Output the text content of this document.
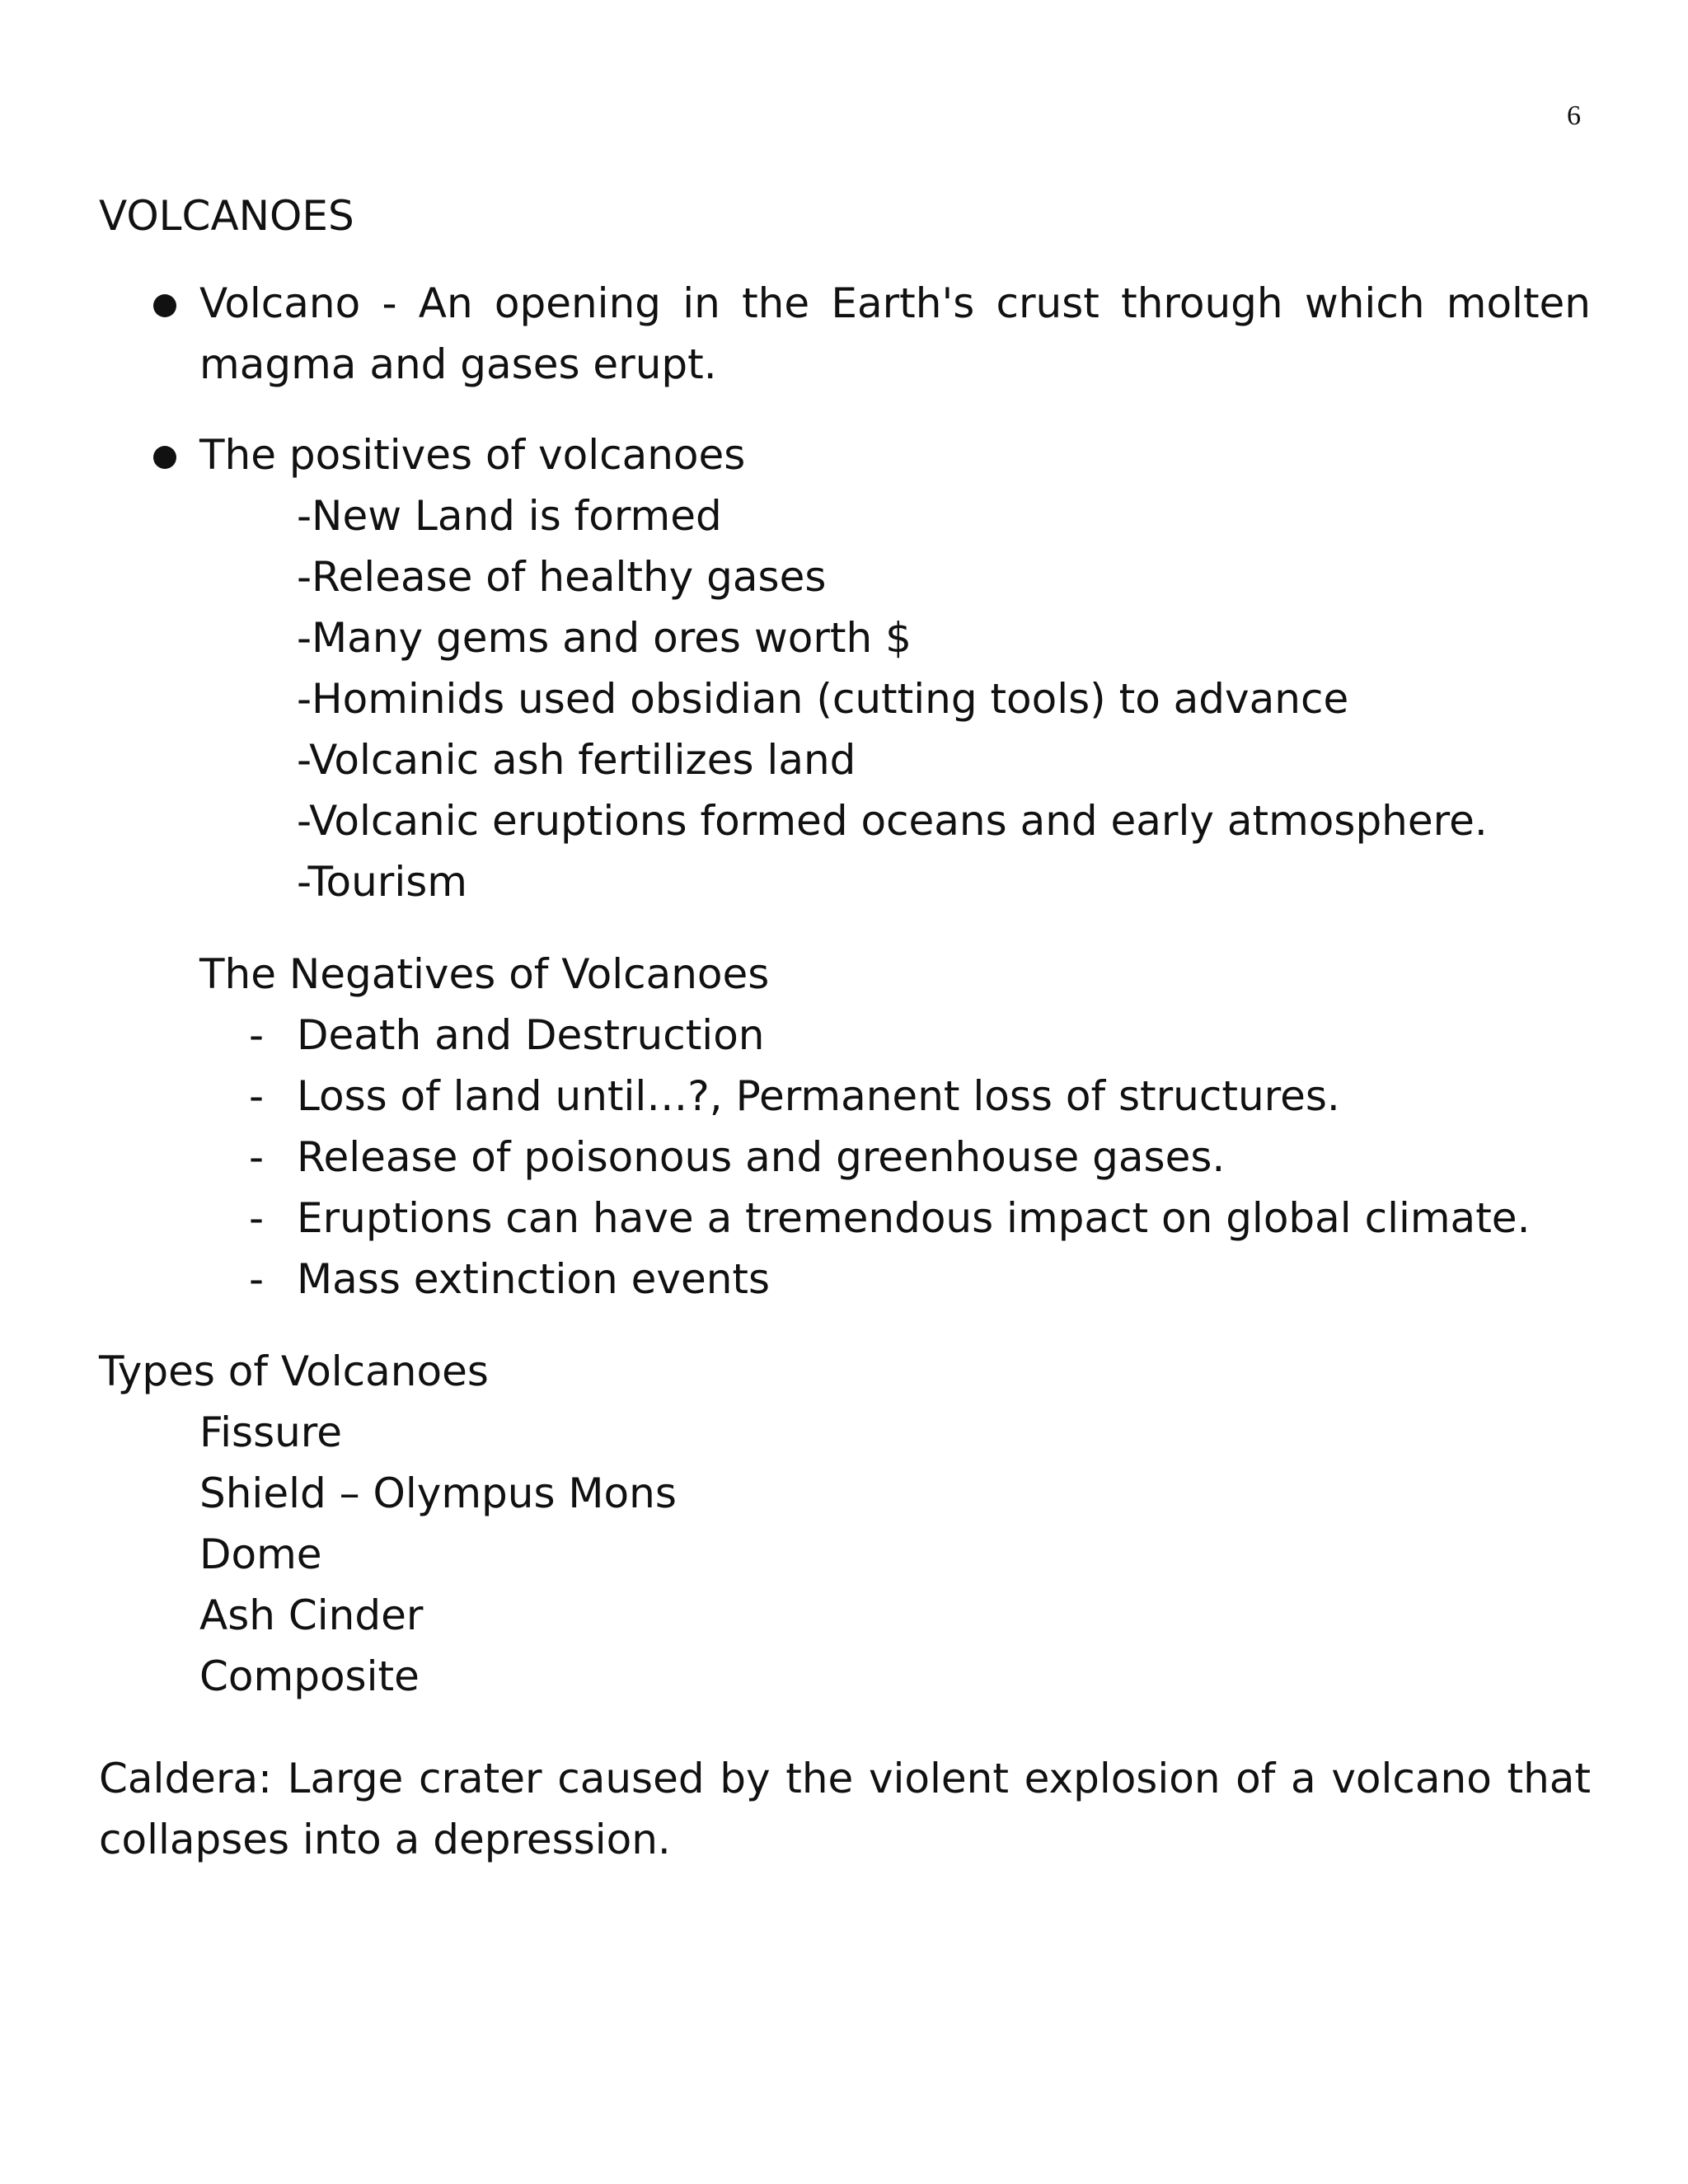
6
VOLCANOES
Volcano - An opening in the Earth's crust through which molten magma and gases erupt.
The positives of volcanoes
-New Land is formed
-Release of healthy gases
-Many gems and ores worth $
-Hominids used obsidian (cutting tools) to advance
-Volcanic ash fertilizes land
-Volcanic eruptions formed oceans and early atmosphere.
-Tourism
The Negatives of Volcanoes
- Death and Destruction
- Loss of land until…?, Permanent loss of structures.
- Release of poisonous and greenhouse gases.
- Eruptions can have a tremendous impact on global climate.
- Mass extinction events
Types of Volcanoes
Fissure
Shield – Olympus Mons
Dome
Ash Cinder
Composite
Caldera: Large crater caused by the violent explosion of a volcano that collapses into a depression.
